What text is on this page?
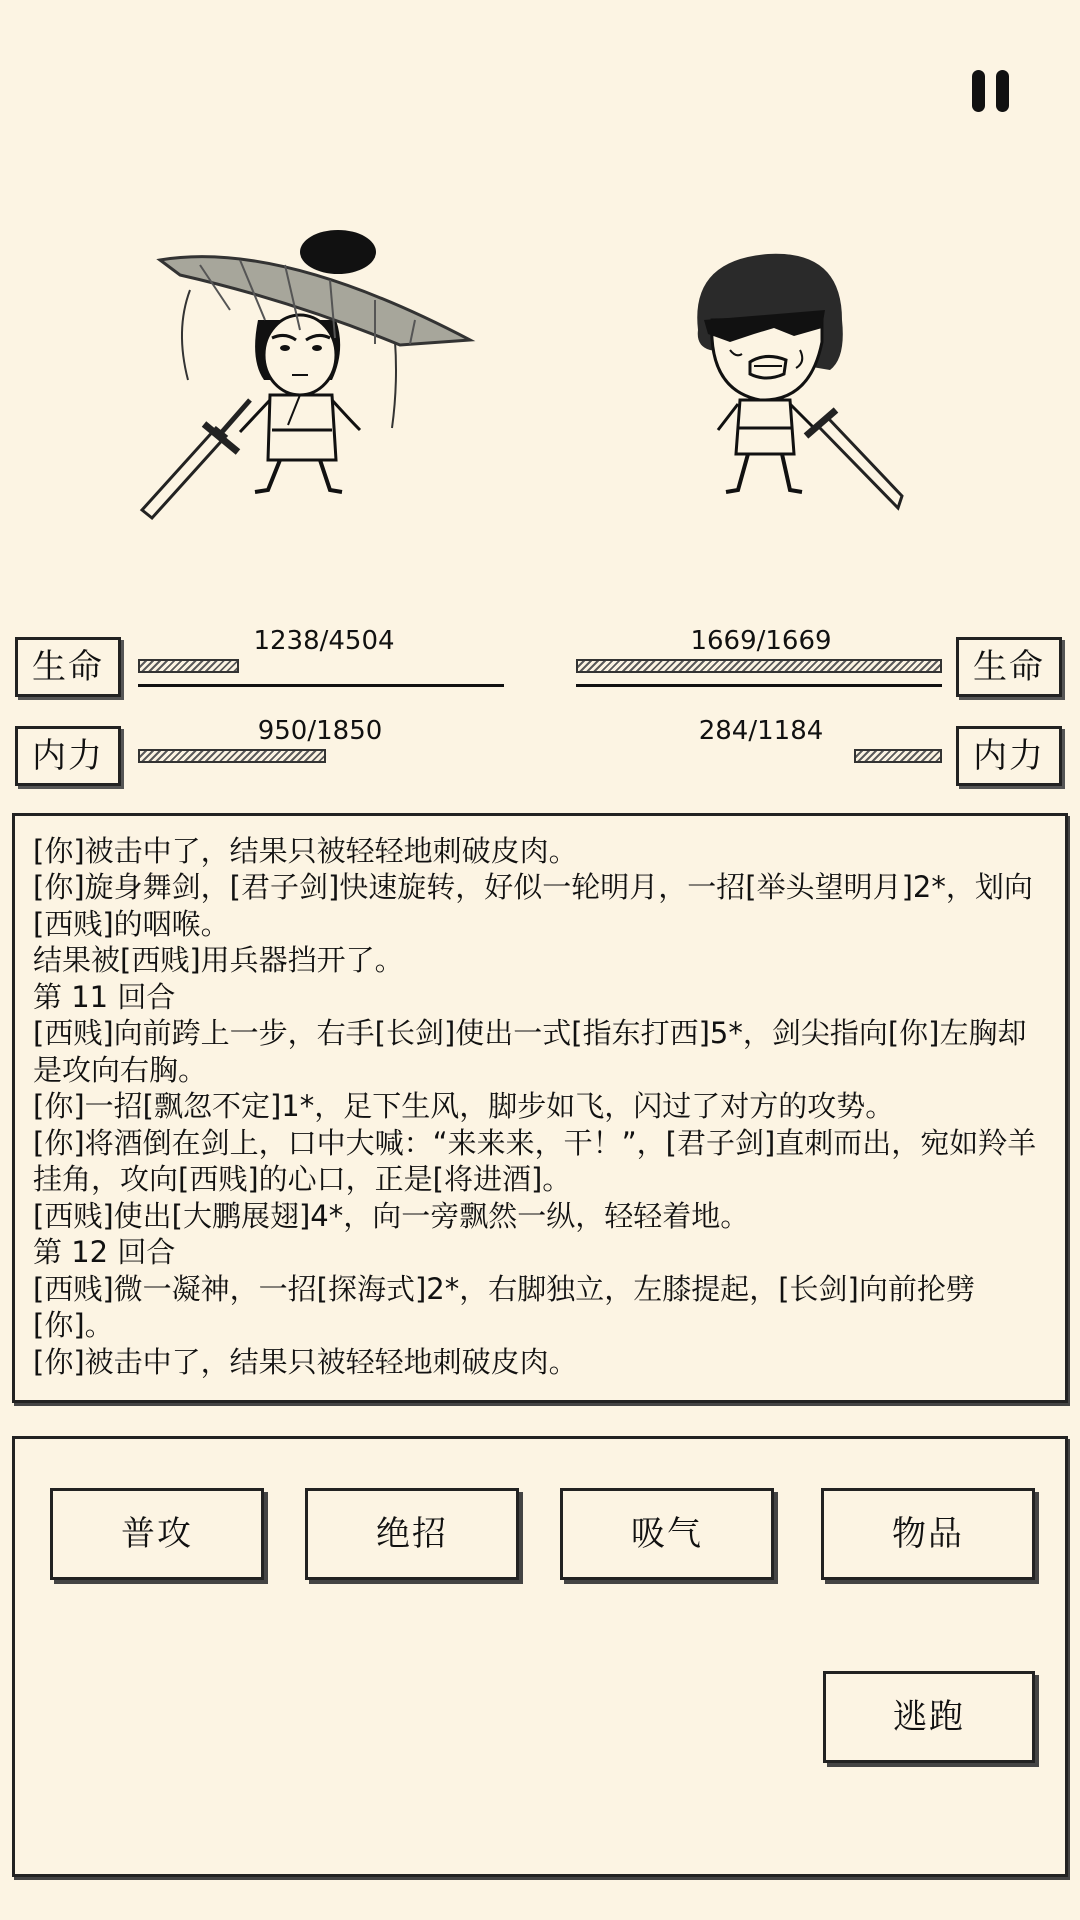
生命
1238/4504
内力
950/1850
生命
1669/1669
内力
284/1184

[你]被击中了，结果只被轻轻地刺破皮肉。

[你]旋身舞剑，[君子剑]快速旋转，好似一轮明月，一招[举头望明月]2*，划向[西贱]的咽喉。

结果被[西贱]用兵器挡开了。

第 11 回合

[西贱]向前跨上一步，右手[长剑]使出一式[指东打西]5*，剑尖指向[你]左胸却是攻向右胸。

[你]一招[飘忽不定]1*，足下生风，脚步如飞，闪过了对方的攻势。

[你]将酒倒在剑上，口中大喊：“来来来，干！”，[君子剑]直刺而出，宛如羚羊挂角，攻向[西贱]的心口，正是[将进酒]。

[西贱]使出[大鹏展翅]4*，向一旁飘然一纵，轻轻着地。

第 12 回合

[西贱]微一凝神，一招[探海式]2*，右脚独立，左膝提起，[长剑]向前抡劈[你]。

[你]被击中了，结果只被轻轻地刺破皮肉。

普攻	绝招	吸气	物品
逃跑
